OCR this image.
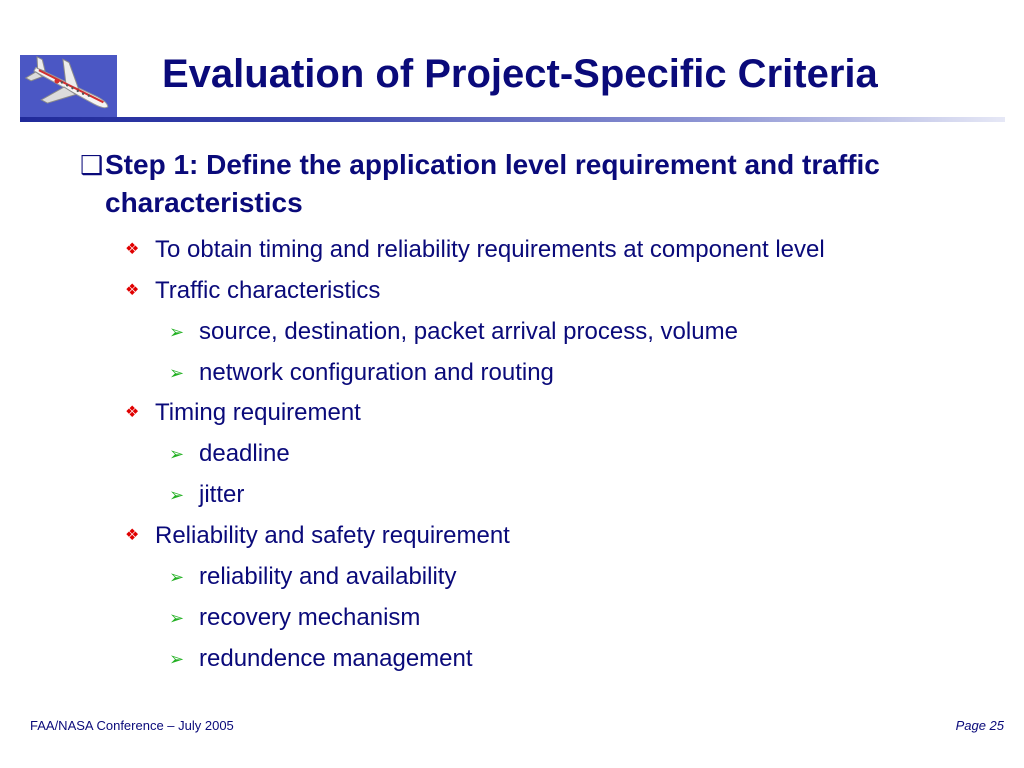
Evaluation of Project-Specific Criteria
❑ Step 1: Define the application level requirement and traffic characteristics
❖ To obtain timing and reliability requirements at component level
❖ Traffic characteristics
➢ source, destination, packet arrival process, volume
➢ network configuration and routing
❖ Timing requirement
➢ deadline
➢ jitter
❖ Reliability and safety requirement
➢ reliability and availability
➢ recovery mechanism
➢ redundence management
FAA/NASA Conference – July 2005	Page 25
